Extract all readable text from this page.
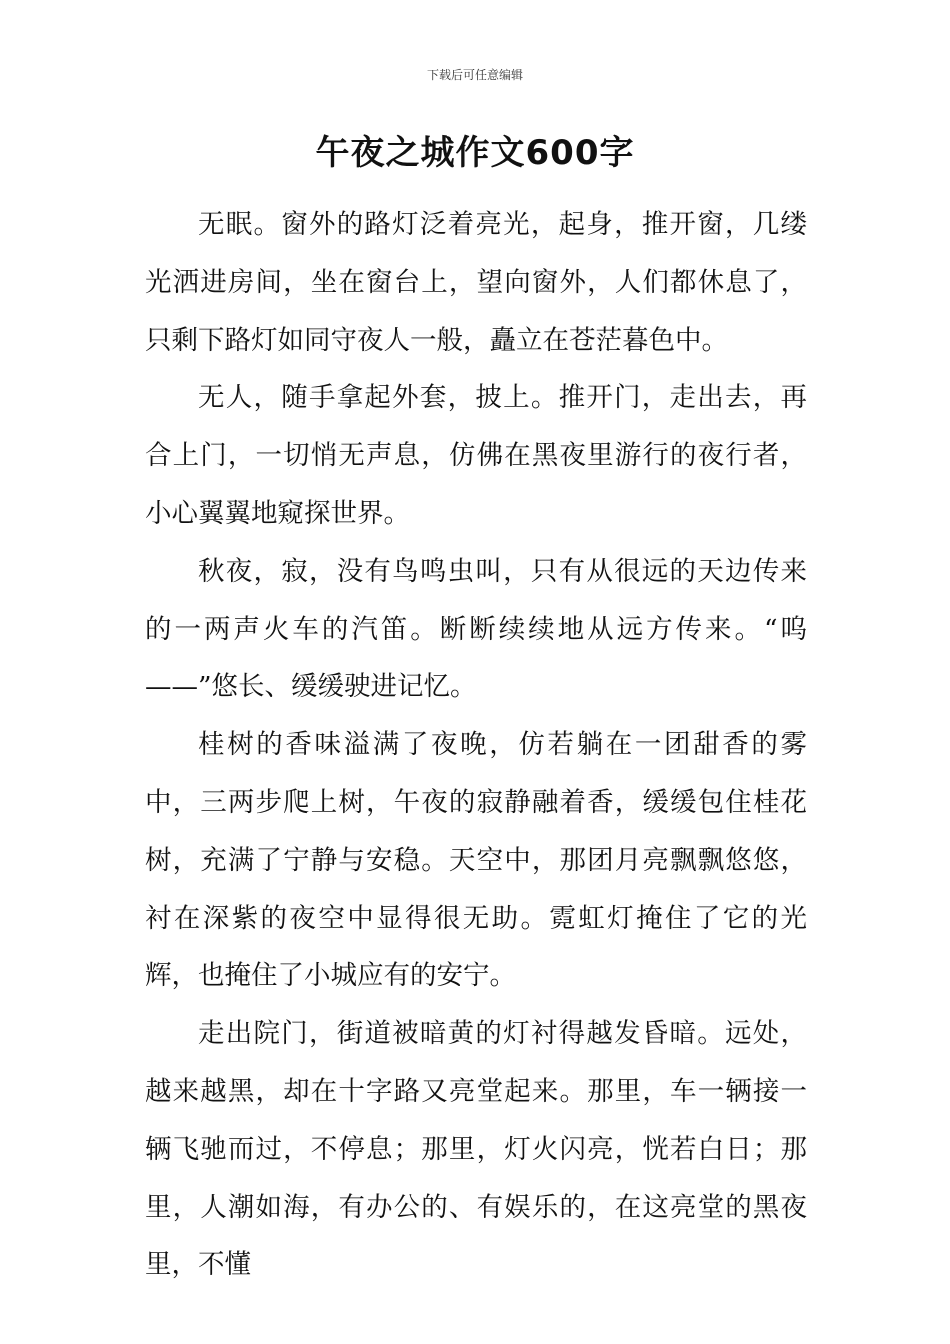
下载后可任意编辑
午夜之城作文600字

无眠。窗外的路灯泛着亮光，起身，推开窗，几缕光洒进房间，坐在窗台上，望向窗外，人们都休息了，只剩下路灯如同守夜人一般，矗立在苍茫暮色中。

无人，随手拿起外套，披上。推开门，走出去，再合上门，一切悄无声息，仿佛在黑夜里游行的夜行者，小心翼翼地窥探世界。

秋夜，寂，没有鸟鸣虫叫，只有从很远的天边传来的一两声火车的汽笛。断断续续地从远方传来。“呜——”悠长、缓缓驶进记忆。

桂树的香味溢满了夜晚，仿若躺在一团甜香的雾中，三两步爬上树，午夜的寂静融着香，缓缓包住桂花树，充满了宁静与安稳。天空中，那团月亮飘飘悠悠，衬在深紫的夜空中显得很无助。霓虹灯掩住了它的光辉，也掩住了小城应有的安宁。

走出院门，街道被暗黄的灯衬得越发昏暗。远处，越来越黑，却在十字路又亮堂起来。那里，车一辆接一辆飞驰而过，不停息；那里，灯火闪亮，恍若白日；那里，人潮如海，有办公的、有娱乐的，在这亮堂的黑夜里，不懂
